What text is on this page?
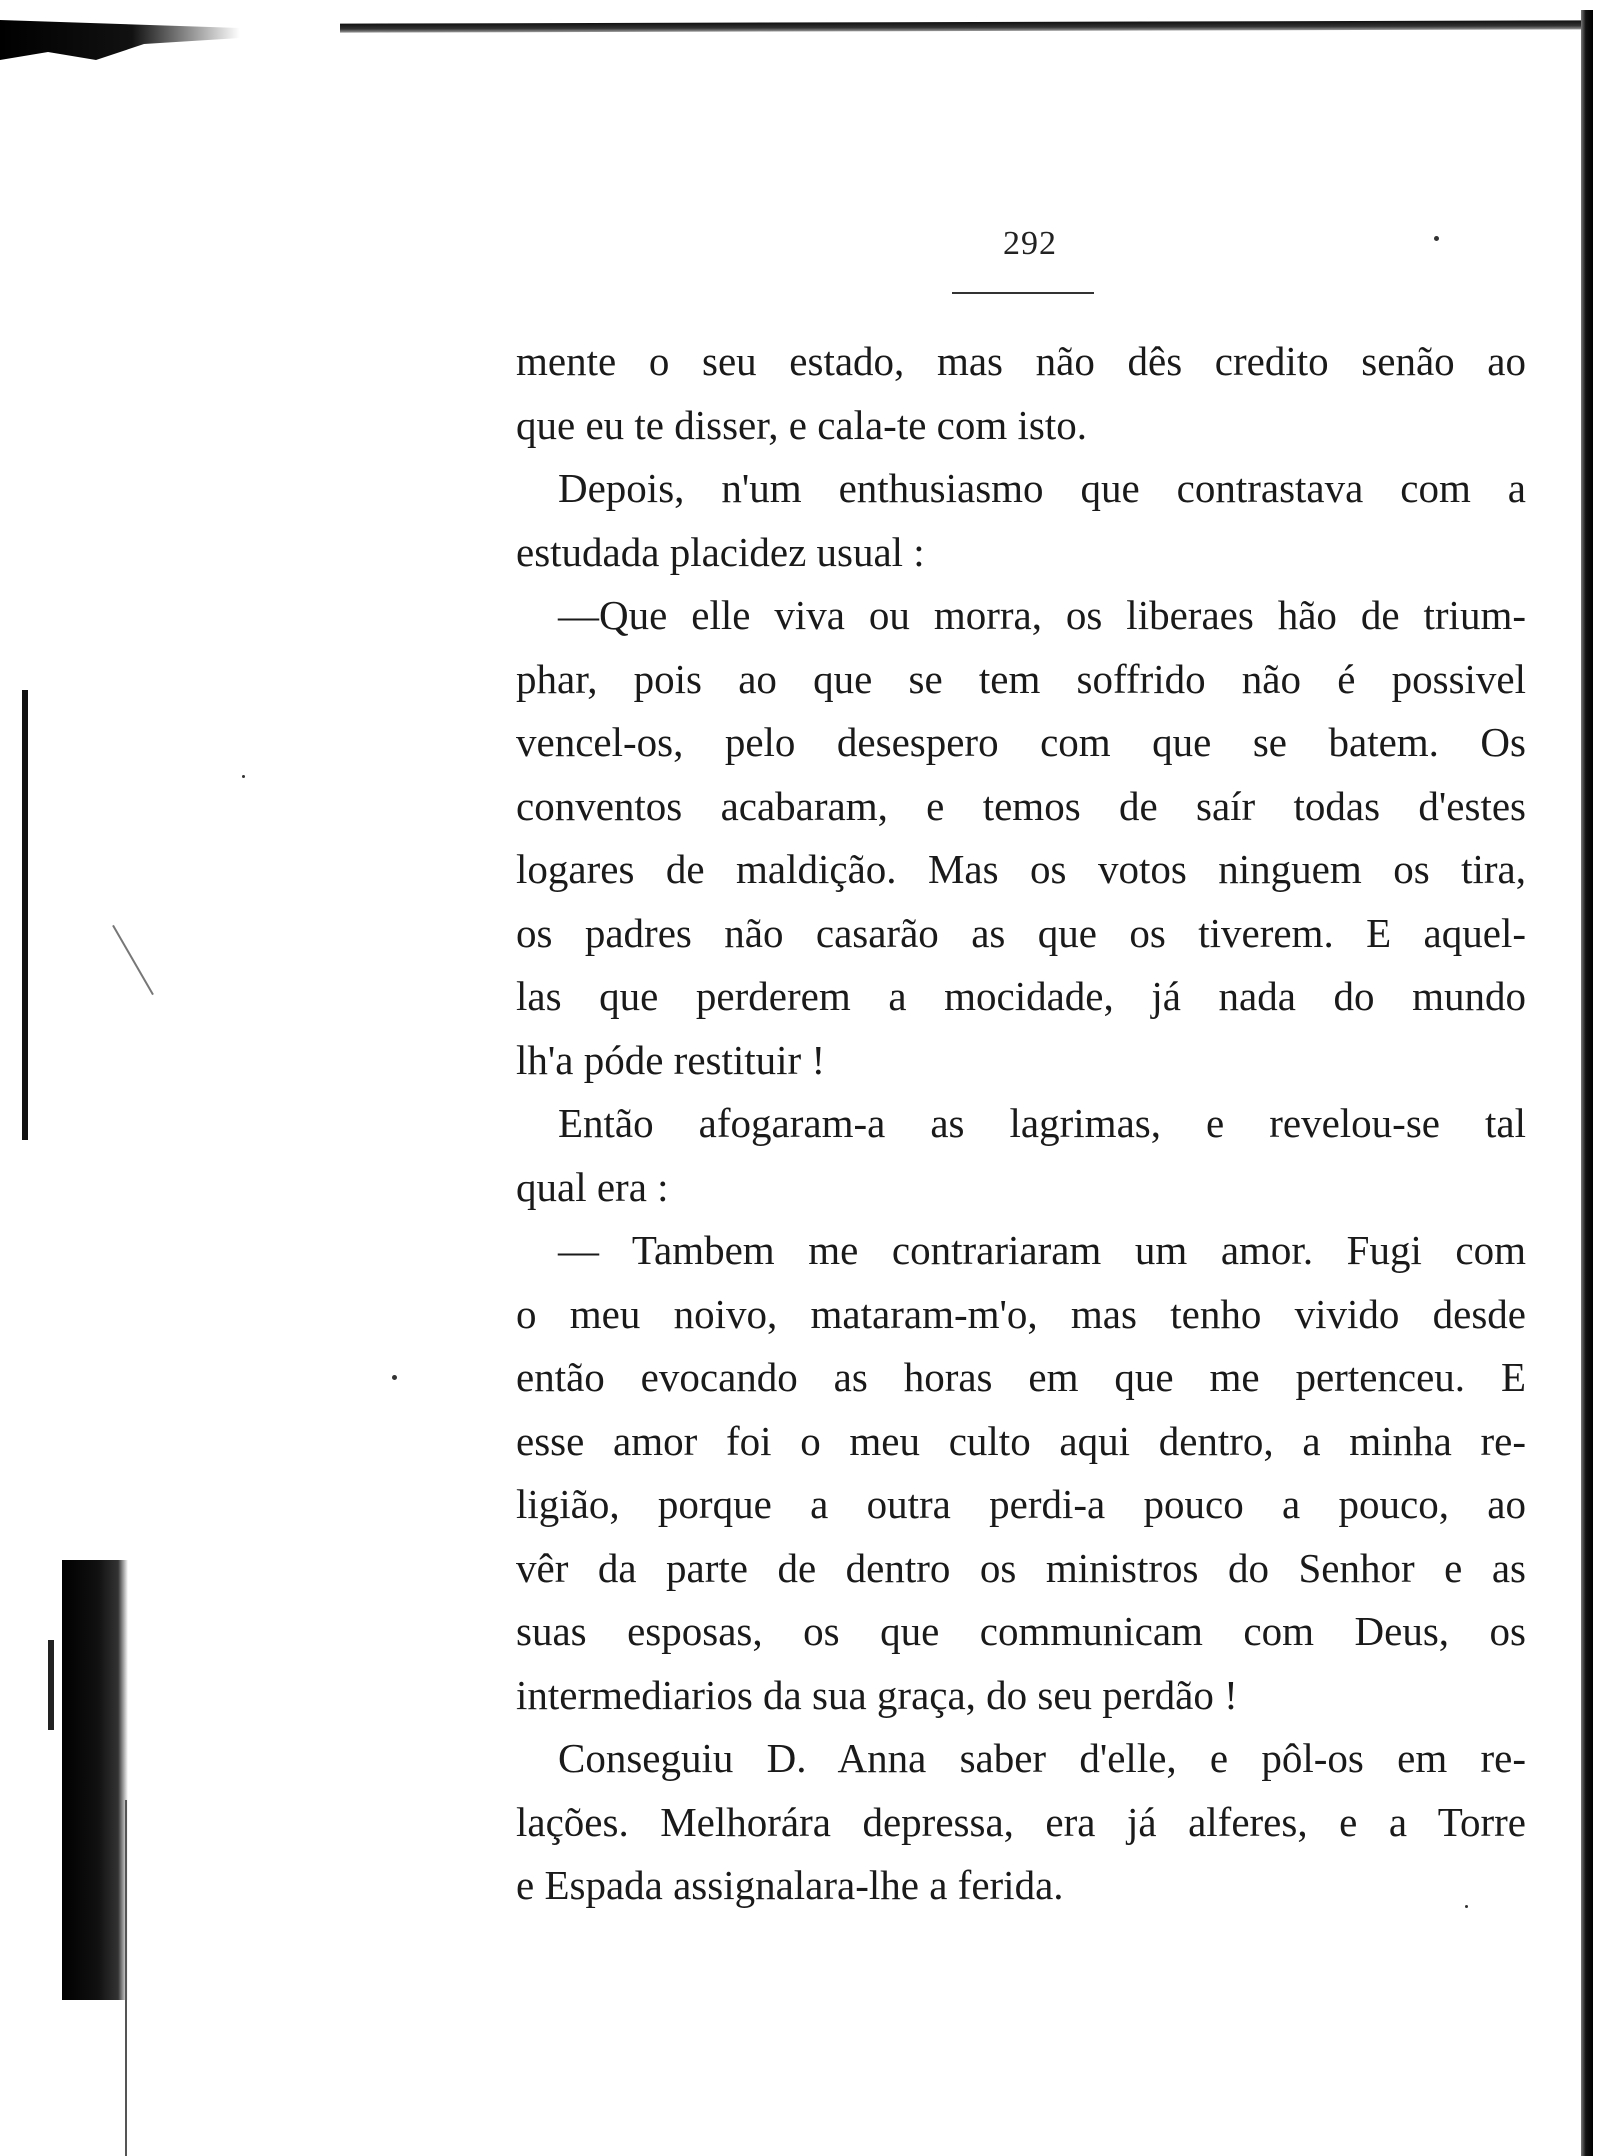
292
mente o seu estado, mas não dês credito senão ao
que eu te disser, e cala-te com isto.
Depois, n'um enthusiasmo que contrastava com a
estudada placidez usual :
—Que elle viva ou morra, os liberaes hão de trium-
phar, pois ao que se tem soffrido não é possivel
vencel-os, pelo desespero com que se batem. Os
conventos acabaram, e temos de saír todas d'estes
logares de maldição. Mas os votos ninguem os tira,
os padres não casarão as que os tiverem. E aquel-
las que perderem a mocidade, já nada do mundo
lh'a póde restituir !
Então afogaram-a as lagrimas, e revelou-se tal
qual era :
— Tambem me contrariaram um amor. Fugi com
o meu noivo, mataram-m'o, mas tenho vivido desde
então evocando as horas em que me pertenceu. E
esse amor foi o meu culto aqui dentro, a minha re-
ligião, porque a outra perdi-a pouco a pouco, ao
vêr da parte de dentro os ministros do Senhor e as
suas esposas, os que communicam com Deus, os
intermediarios da sua graça, do seu perdão !
Conseguiu D. Anna saber d'elle, e pôl-os em re-
lações. Melhorára depressa, era já alferes, e a Torre
e Espada assignalara-lhe a ferida.
